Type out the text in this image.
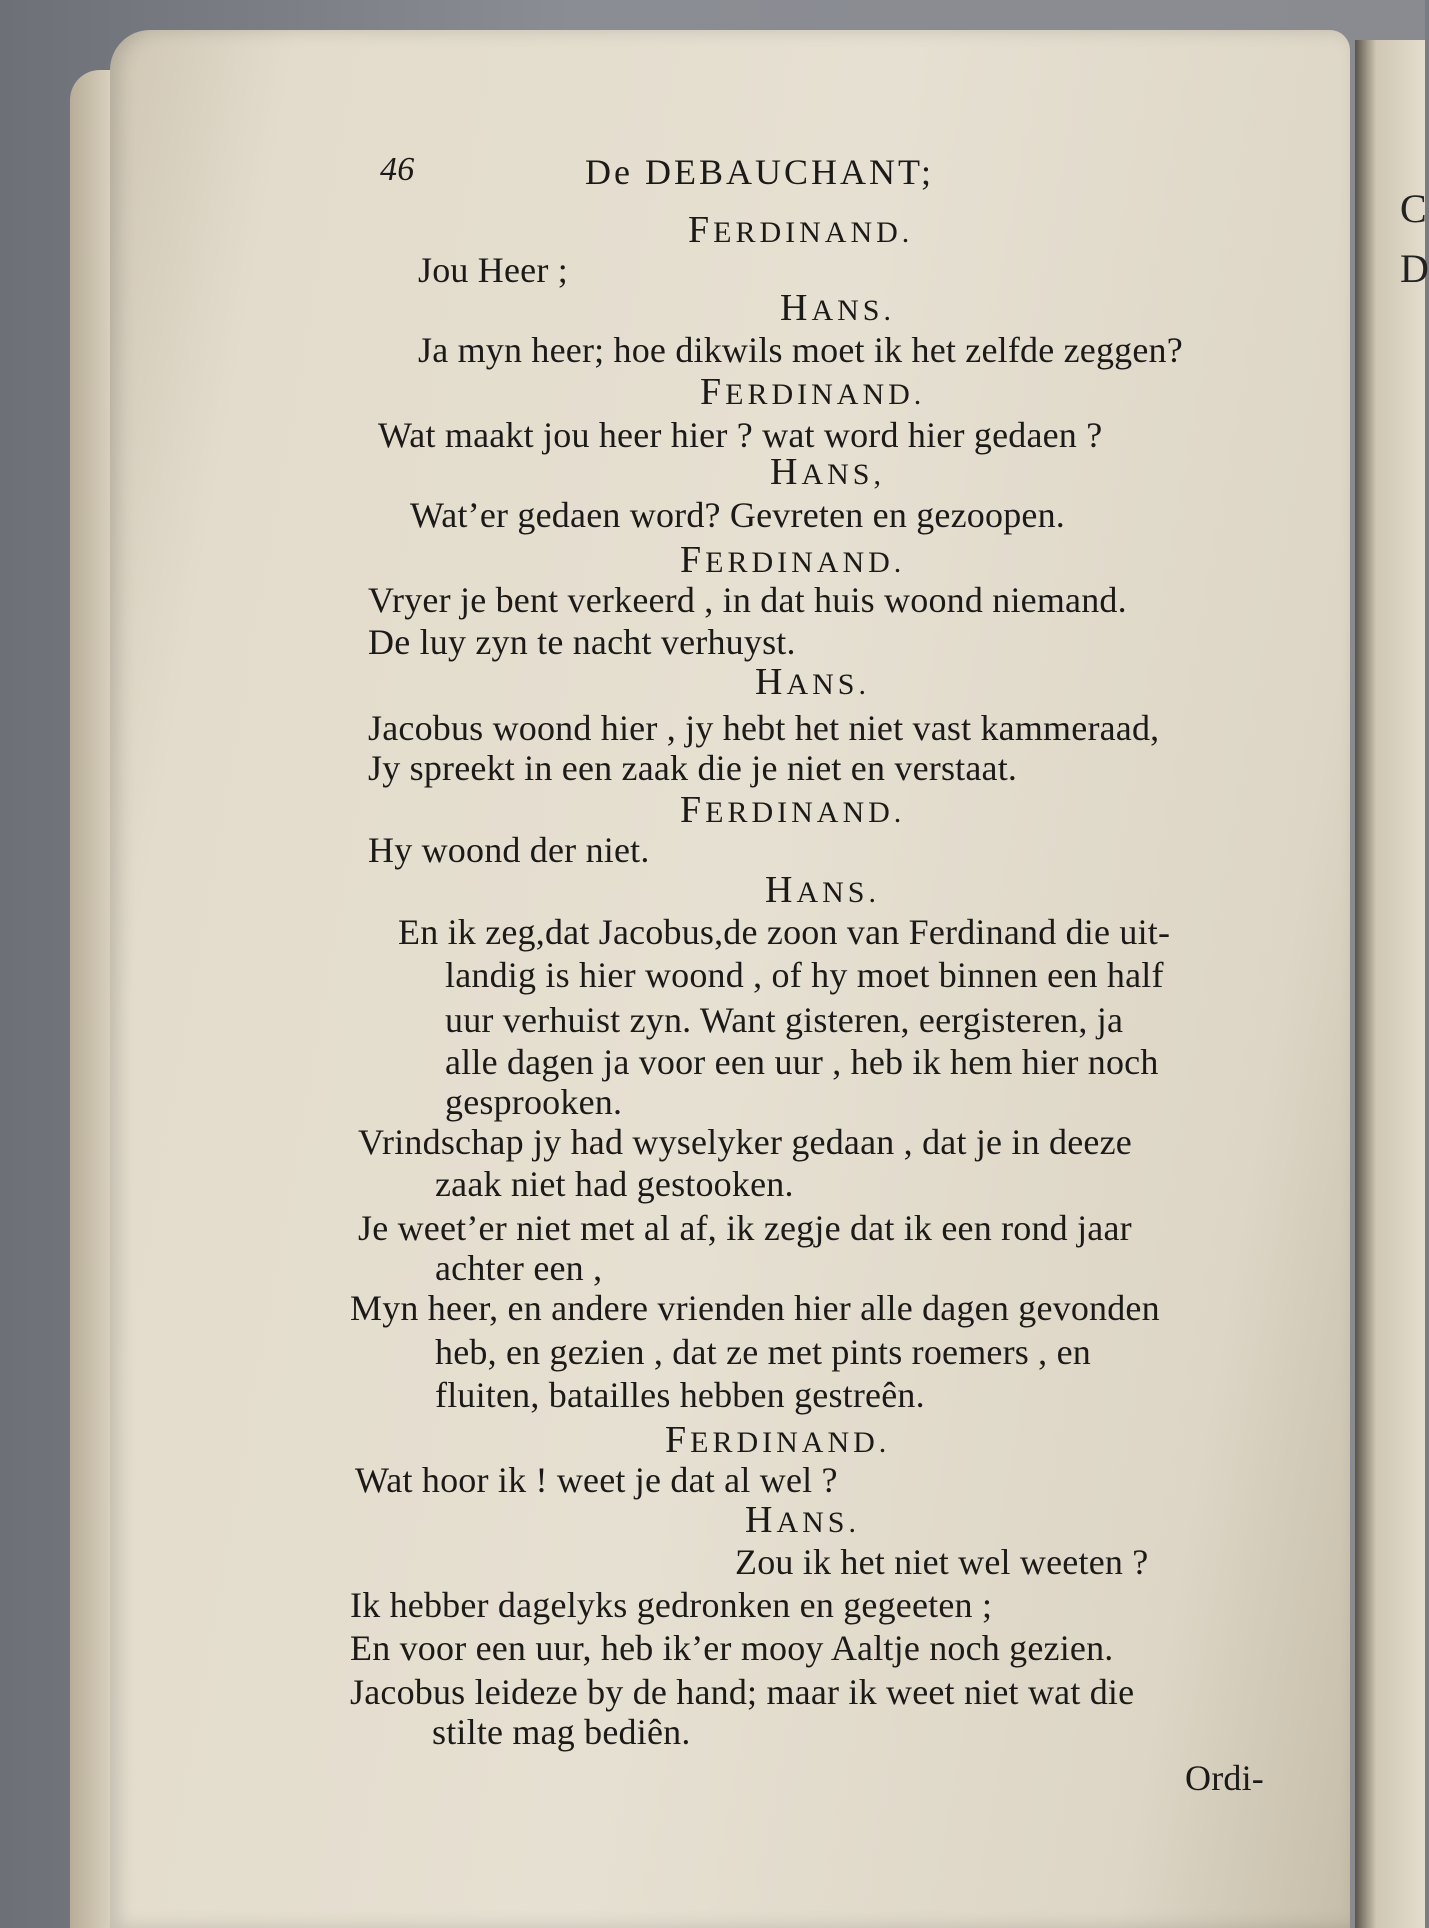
C
D
46	De DEBAUCHANT;
FERDINAND.
Jou Heer ;
HANS.
Ja myn heer; hoe dikwils moet ik het zelfde zeggen?
FERDINAND.
Wat maakt jou heer hier ? wat word hier gedaen ?
HANS,
Wat’er gedaen word? Gevreten en gezoopen.
FERDINAND.
Vryer je bent verkeerd , in dat huis woond niemand.
De luy zyn te nacht verhuyst.
HANS.
Jacobus woond hier , jy hebt het niet vast kammeraad,
Jy spreekt in een zaak die je niet en verstaat.
FERDINAND.
Hy woond der niet.
HANS.
En ik zeg,dat Jacobus,de zoon van Ferdinand die uit-
landig is hier woond , of hy moet binnen een half
uur verhuist zyn. Want gisteren, eergisteren, ja
alle dagen ja voor een uur , heb ik hem hier noch
gesprooken.
Vrindschap jy had wyselyker gedaan , dat je in deeze
zaak niet had gestooken.
Je weet’er niet met al af, ik zegje dat ik een rond jaar
achter een ,
Myn heer, en andere vrienden hier alle dagen gevonden
heb, en gezien , dat ze met pints roemers , en
fluiten, batailles hebben gestreên.
FERDINAND.
Wat hoor ik ! weet je dat al wel ?
HANS.
Zou ik het niet wel weeten ?
Ik hebber dagelyks gedronken en gegeeten ;
En voor een uur, heb ik’er mooy Aaltje noch gezien.
Jacobus leideze by de hand; maar ik weet niet wat die
stilte mag bediên.
Ordi-
